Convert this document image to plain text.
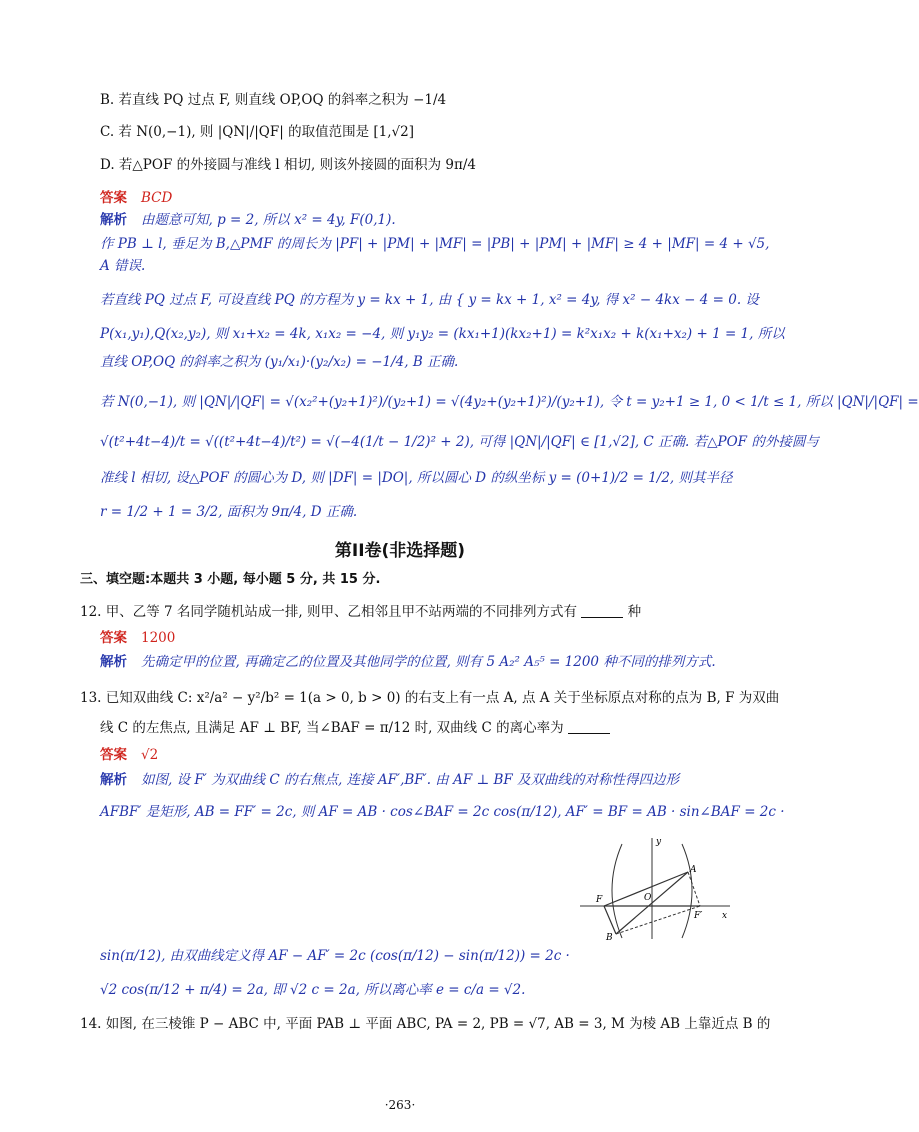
B. 若直线 PQ 过点 F, 则直线 OP,OQ 的斜率之积为 −1/4
C. 若 N(0,−1), 则 |QN|/|QF| 的取值范围是 [1,√2]
D. 若△POF 的外接圆与准线 l 相切, 则该外接圆的面积为 9π/4
答案 BCD
解析 由题意可知, p = 2, 所以 x² = 4y, F(0,1).
作 PB ⊥ l, 垂足为 B,△PMF 的周长为 |PF| + |PM| + |MF| = |PB| + |PM| + |MF| ≥ 4 + |MF| = 4 + √5,
A 错误.
若直线 PQ 过点 F, 可设直线 PQ 的方程为 y = kx + 1, 由 { y = kx + 1, x² = 4y, 得 x² − 4kx − 4 = 0. 设
P(x₁,y₁),Q(x₂,y₂), 则 x₁+x₂ = 4k, x₁x₂ = −4, 则 y₁y₂ = (kx₁+1)(kx₂+1) = k²x₁x₂ + k(x₁+x₂) + 1 = 1, 所以
直线 OP,OQ 的斜率之积为 (y₁/x₁)·(y₂/x₂) = −1/4, B 正确.
若 N(0,−1), 则 |QN|/|QF| = √(x₂²+(y₂+1)²)/(y₂+1) = √(4y₂+(y₂+1)²)/(y₂+1), 令 t = y₂+1 ≥ 1, 0 < 1/t ≤ 1, 所以 |QN|/|QF| =
√(t²+4t−4)/t = √((t²+4t−4)/t²) = √(−4(1/t − 1/2)² + 2), 可得 |QN|/|QF| ∈ [1,√2], C 正确. 若△POF 的外接圆与
准线 l 相切, 设△POF 的圆心为 D, 则 |DF| = |DO|, 所以圆心 D 的纵坐标 y = (0+1)/2 = 1/2, 则其半径
r = 1/2 + 1 = 3/2, 面积为 9π/4, D 正确.
第II卷(非选择题)
三、填空题:本题共 3 小题, 每小题 5 分, 共 15 分.
12. 甲、乙等 7 名同学随机站成一排, 则甲、乙相邻且甲不站两端的不同排列方式有	种
答案 1200
解析 先确定甲的位置, 再确定乙的位置及其他同学的位置, 则有 5 A₂² A₅⁵ = 1200 种不同的排列方式.
13. 已知双曲线 C: x²/a² − y²/b² = 1(a > 0, b > 0) 的右支上有一点 A, 点 A 关于坐标原点对称的点为 B, F 为双曲
线 C 的左焦点, 且满足 AF ⊥ BF, 当∠BAF = π/12 时, 双曲线 C 的离心率为
答案 √2
解析 如图, 设 F′ 为双曲线 C 的右焦点, 连接 AF′,BF′. 由 AF ⊥ BF 及双曲线的对称性得四边形
AFBF′ 是矩形, AB = FF′ = 2c, 则 AF = AB · cos∠BAF = 2c cos(π/12), AF′ = BF = AB · sin∠BAF = 2c ·
sin(π/12), 由双曲线定义得 AF − AF′ = 2c (cos(π/12) − sin(π/12)) = 2c ·
√2 cos(π/12 + π/4) = 2a, 即 √2 c = 2a, 所以离心率 e = c/a = √2.
y
x
F	O
A
B
F′
14. 如图, 在三棱锥 P − ABC 中, 平面 PAB ⊥ 平面 ABC, PA = 2, PB = √7, AB = 3, M 为棱 AB 上靠近点 B 的
·263·
